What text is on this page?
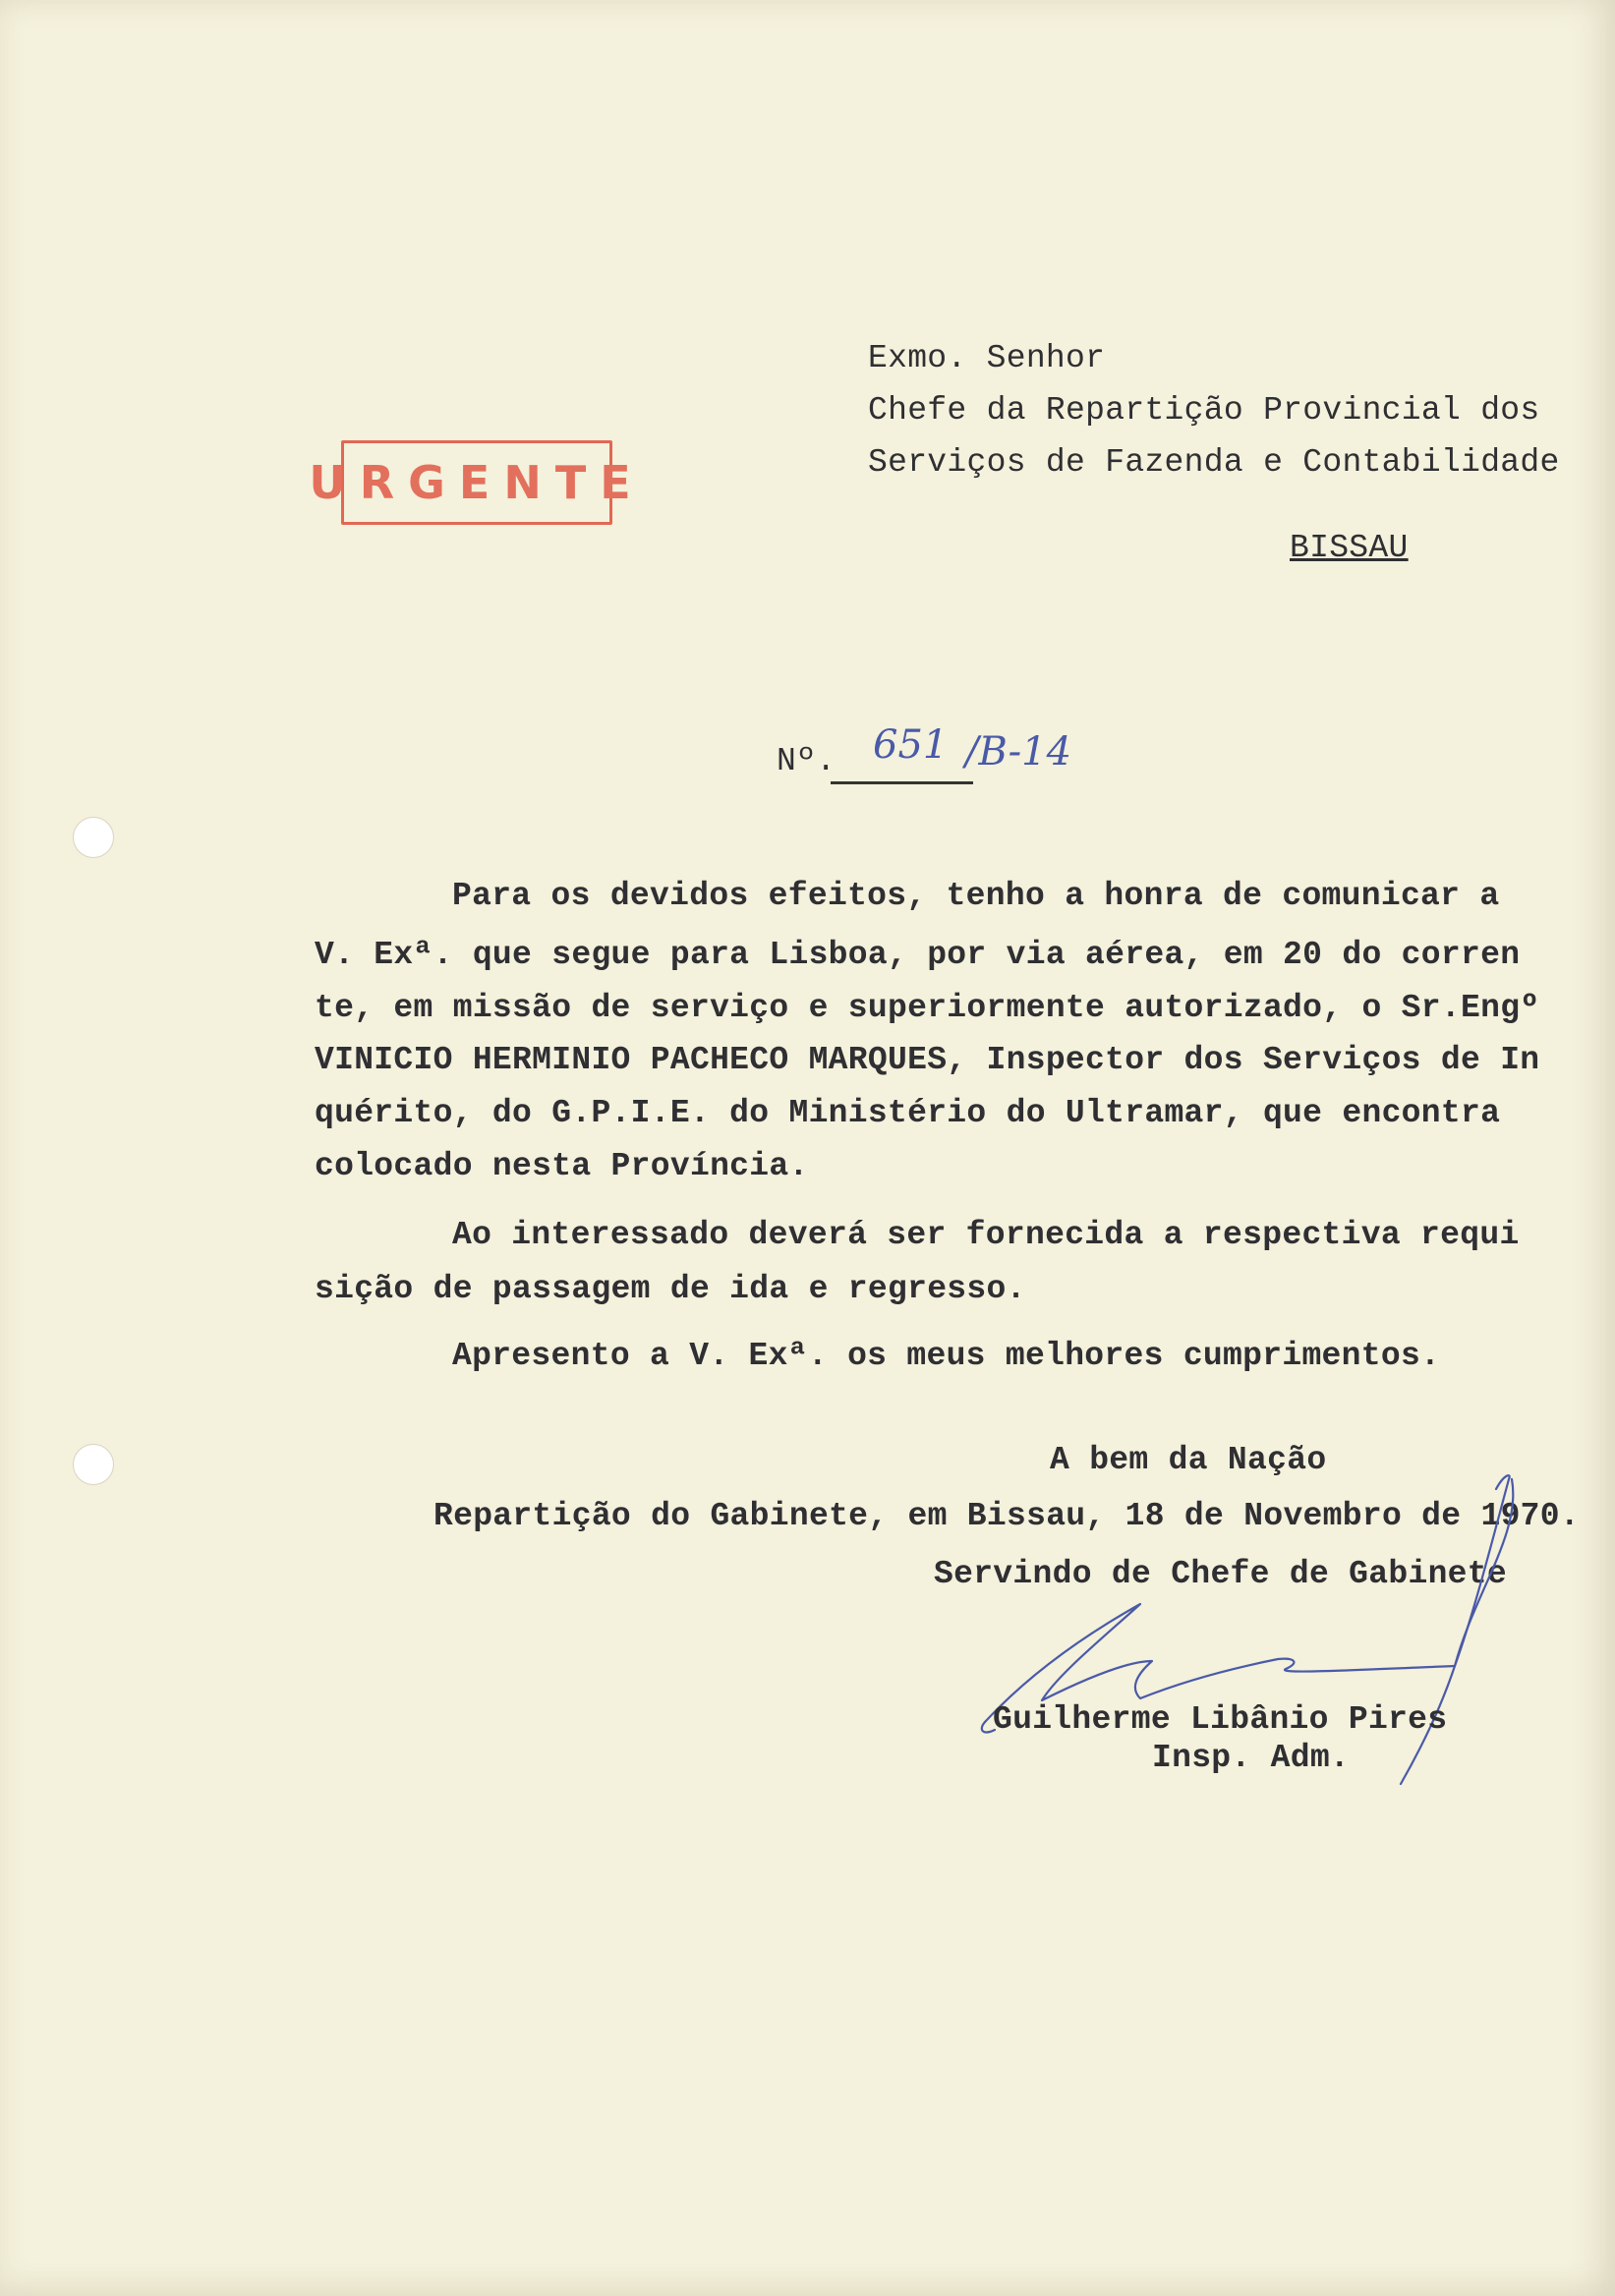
URGENTE
Exmo. Senhor
Chefe da Repartição Provincial dos
Serviços de Fazenda e Contabilidade
BISSAU
Nº. 651 /B-14
Para os devidos efeitos, tenho a honra de comunicar a
V. Exª. que segue para Lisboa, por via aérea, em 20 do corren
te, em missão de serviço e superiormente autorizado, o Sr.Engº
VINICIO HERMINIO PACHECO MARQUES, Inspector dos Serviços de In
quérito, do G.P.I.E. do Ministério do Ultramar, que encontra
colocado nesta Província.
Ao interessado deverá ser fornecida a respectiva requi
sição de passagem de ida e regresso.
Apresento a V. Exª. os meus melhores cumprimentos.
A bem da Nação
Repartição do Gabinete, em Bissau, 18 de Novembro de 1970.
Servindo de Chefe de Gabinete
Guilherme Libânio Pires
Insp. Adm.
